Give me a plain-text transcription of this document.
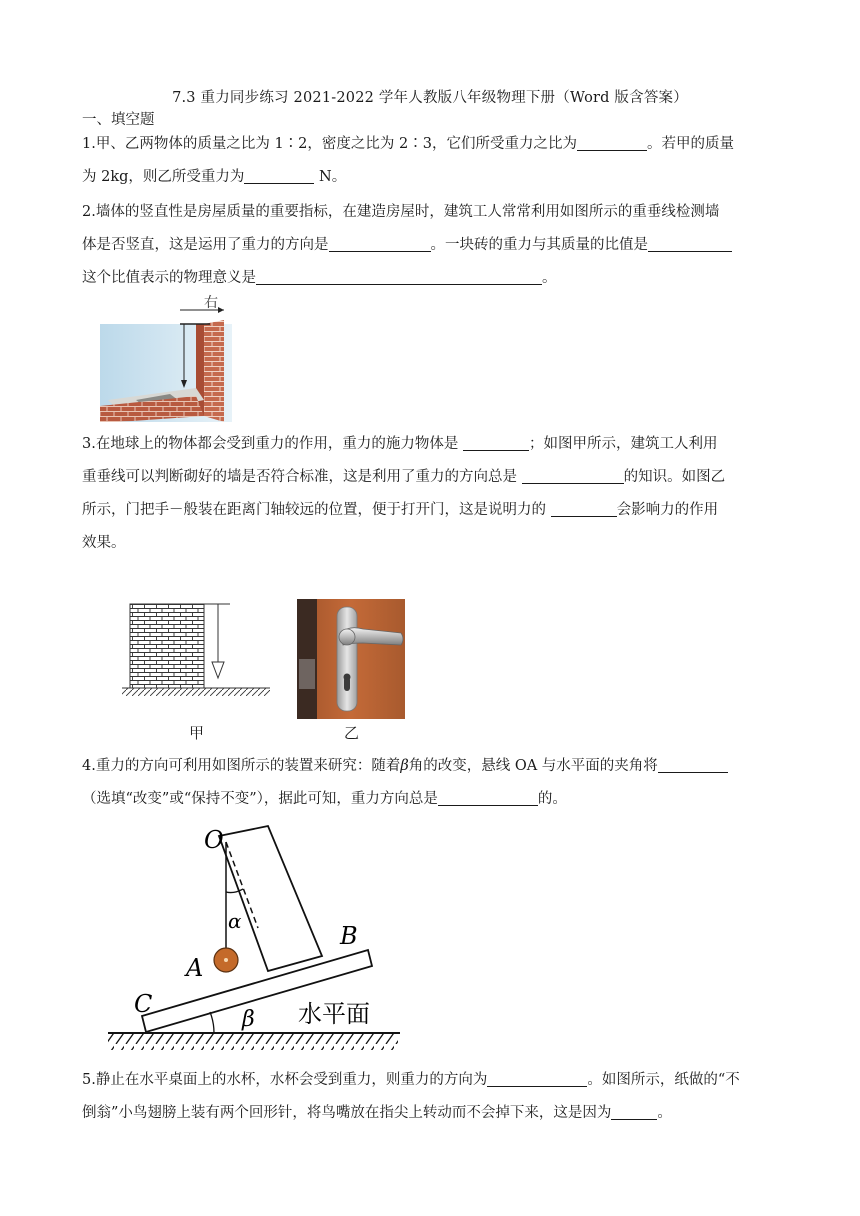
7.3 重力同步练习 2021-2022 学年人教版八年级物理下册（Word 版含答案）
一、填空题
1.甲、乙两物体的质量之比为 1∶2，密度之比为 2∶3，它们所受重力之比为	。若甲的质量
为 2kg，则乙所受重力为	N。
2.墙体的竖直性是房屋质量的重要指标，在建造房屋时，建筑工人常常利用如图所示的重垂线检测墙
体是否竖直，这是运用了重力的方向是	。一块砖的重力与其质量的比值是
这个比值表示的物理意义是	。
右
3.在地球上的物体都会受到重力的作用，重力的施力物体是	；如图甲所示，建筑工人利用
重垂线可以判断砌好的墙是否符合标准，这是利用了重力的方向总是	的知识。如图乙
所示，门把手－般装在距离门轴较远的位置，便于打开门，这是说明力的	会影响力的作用
效果。
甲	乙
4.重力的方向可利用如图所示的装置来研究：随着β角的改变，悬线 OA 与水平面的夹角将
（选填“改变”或“保持不变”），据此可知，重力方向总是	的。
O
α
A
B
C
β 水平面
5.静止在水平桌面上的水杯，水杯会受到重力，则重力的方向为	。如图所示，纸做的“不
倒翁”小鸟翅膀上装有两个回形针，将鸟嘴放在指尖上转动而不会掉下来，这是因为	。
